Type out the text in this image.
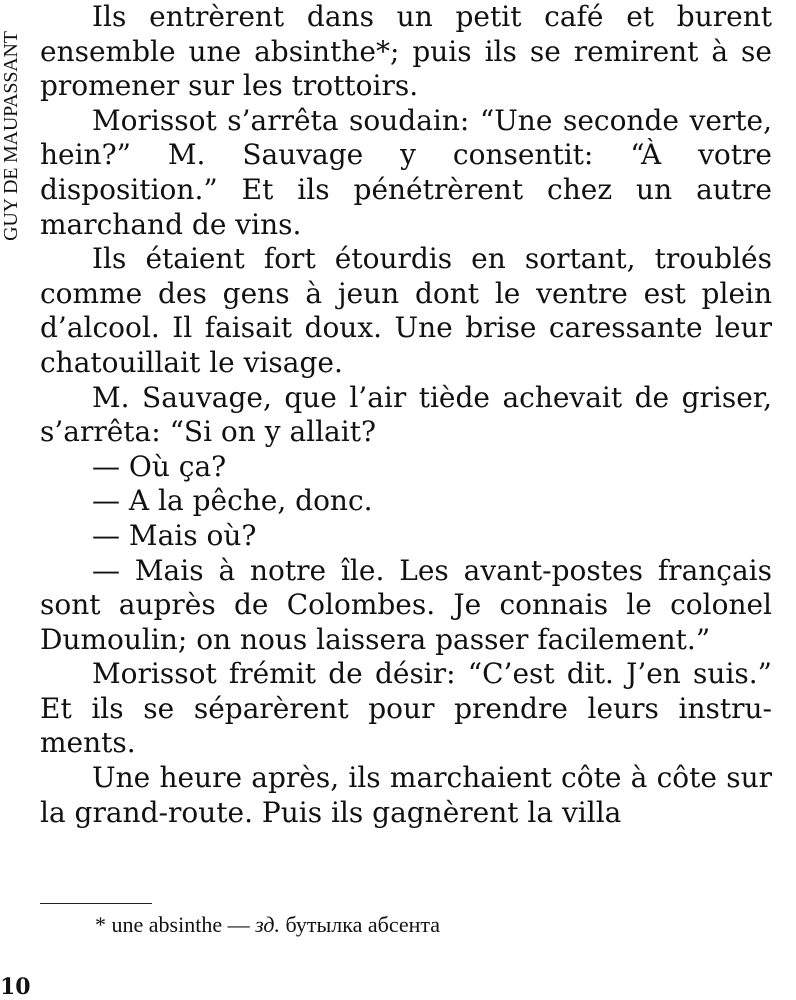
GUY DE MAUPASSANT

Ils entrèrent dans un petit café et burent ensemble une absinthe*; puis ils se remirent à se promener sur les trottoirs.

Morissot s’arrêta soudain: “Une seconde verte, hein?” M. Sauvage y consentit: “À votre disposition.” Et ils pénétrèrent chez un autre marchand de vins.

Ils étaient fort étourdis en sortant, troublés comme des gens à jeun dont le ventre est plein d’alcool. Il faisait doux. Une brise caressante leur chatouillait le visage.

M. Sauvage, que l’air tiède achevait de griser, s’arrêta: “Si on y allait?

— Où ça?

— A la pêche, donc.

— Mais où?

— Mais à notre île. Les avant-postes français sont auprès de Colombes. Je connais le colonel Dumoulin; on nous laissera passer facilement.”

Morissot frémit de désir: “C’est dit. J’en suis.” Et ils se séparèrent pour prendre leurs instruments.

Une heure après, ils marchaient côte à côte sur la grand-route. Puis ils gagnèrent la villa

* une absinthe — зд. бутылка абсента
10
